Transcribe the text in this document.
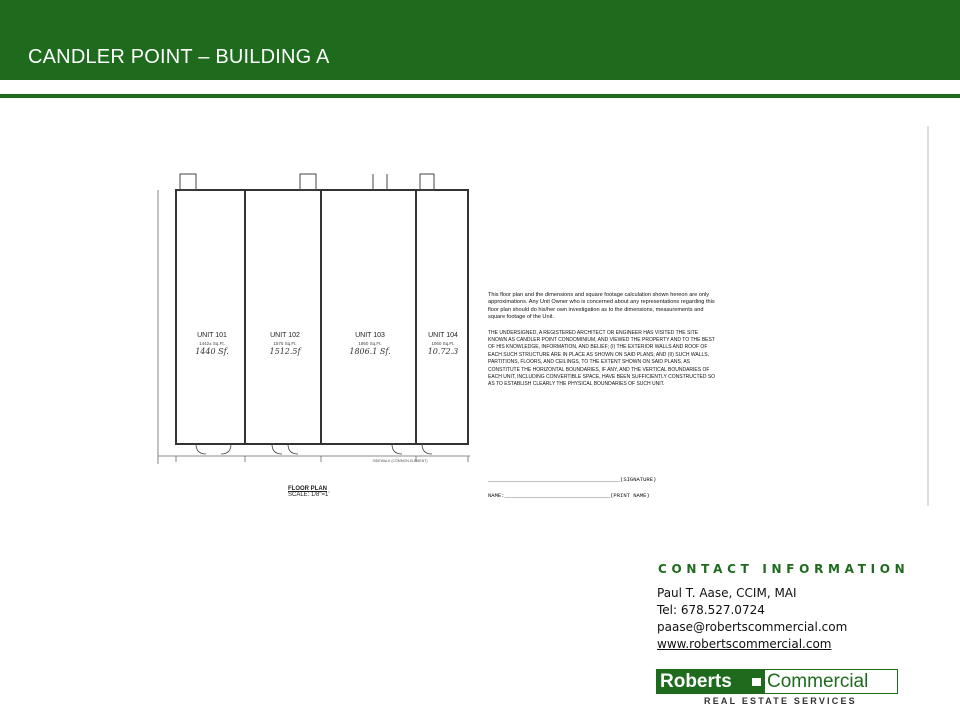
CANDLER POINT – BUILDING A
UNIT 101
1442± Sq.Ft.
1440 Sf.
UNIT 102
1575 Sq.Ft.
1512.5f
UNIT 103
1860 Sq.Ft.
1806.1 Sf.
UNIT 104
1060 Sq.Ft.
10.72.3
SIDEWALK (COMMON ELEMENT)
FLOOR PLAN
SCALE: 1/8"=1'

This floor plan and the dimensions and square footage calculation shown hereon are only approximations. Any Unit Owner who is concerned about any representations regarding this floor plan should do his/her own investigation as to the dimensions, measurements and square footage of the Unit.

THE UNDERSIGNED, A REGISTERED ARCHITECT OR ENGINEER HAS VISITED THE SITE KNOWN AS CANDLER POINT CONDOMINIUM, AND VIEWED THE PROPERTY AND TO THE BEST OF HIS KNOWLEDGE, INFORMATION, AND BELIEF; (I) THE EXTERIOR WALLS AND ROOF OF EACH SUCH STRUCTURE ARE IN PLACE AS SHOWN ON SAID PLANS; AND (II) SUCH WALLS, PARTITIONS, FLOORS, AND CEILINGS, TO THE EXTENT SHOWN ON SAID PLANS, AS CONSTITUTE THE HORIZONTAL BOUNDARIES, IF ANY, AND THE VERTICAL BOUNDARIES OF EACH UNIT, INCLUDING CONVERTIBLE SPACE, HAVE BEEN SUFFICIENTLY CONSTRUCTED SO AS TO ESTABLISH CLEARLY THE PHYSICAL BOUNDARIES OF SUCH UNIT.

________________________________________(SIGNATURE)
NAME:________________________________(PRINT NAME)
CONTACT INFORMATION
Paul T. Aase, CCIM, MAI
Tel: 678.527.0724
paase@robertscommercial.com
www.robertscommercial.com
Roberts	Commercial
REAL ESTATE SERVICES
